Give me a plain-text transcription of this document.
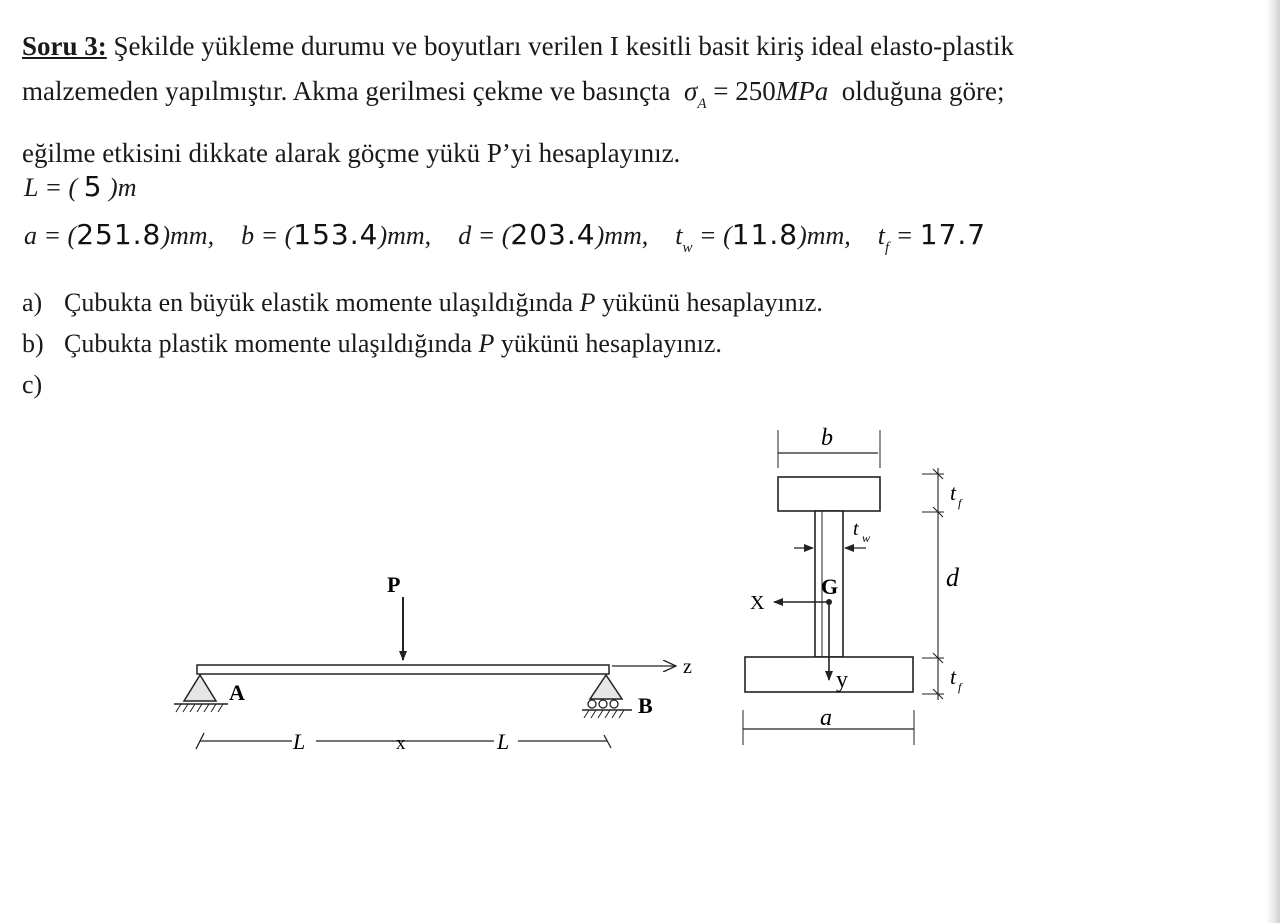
Soru 3: Şekilde yükleme durumu ve boyutları verilen I kesitli basit kiriş ideal elasto-plastik

malzemeden yapılmıştır. Akma gerilmesi çekme ve basınçta $\sigma_A = 250MPa$ olduğuna göre;

eğilme etkisini dikkate alarak göçme yükü P’yi hesaplayınız.

L = ( 5 )m
a = (251.8)mm, b = (153.4)mm, d = (203.4)mm, $t_w = (11.8)mm$, $t_f = 17.7$
a) Çubukta en büyük elastik momente ulaşıldığında P yükünü hesaplayınız.
b) Çubukta plastik momente ulaşıldığında P yükünü hesaplayınız.
c)
P
A
B
z
L	x	L
b
t w
t f
d
t f
G
X
y
a
